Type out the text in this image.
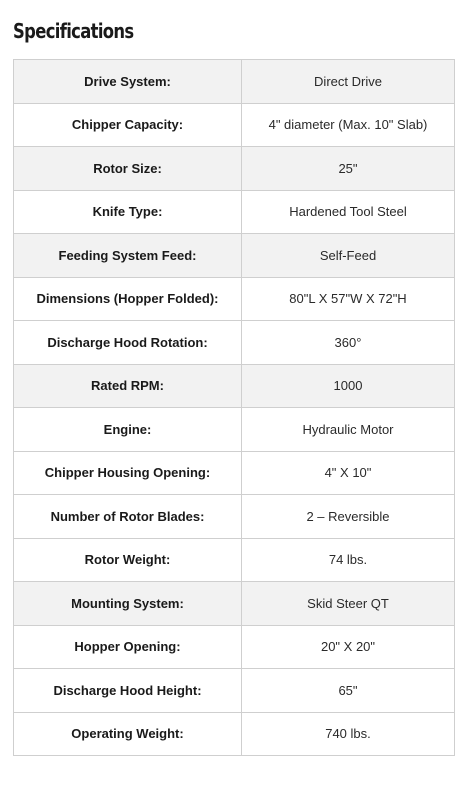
Specifications
Drive System:	Direct Drive
Chipper Capacity:	4" diameter (Max. 10" Slab)
Rotor Size:	25"
Knife Type:	Hardened Tool Steel
Feeding System Feed:	Self-Feed
Dimensions (Hopper Folded):	80"L X 57"W X 72"H
Discharge Hood Rotation:	360°
Rated RPM:	1000
Engine:	Hydraulic Motor
Chipper Housing Opening:	4" X 10"
Number of Rotor Blades:	2 – Reversible
Rotor Weight:	74 lbs.
Mounting System:	Skid Steer QT
Hopper Opening:	20" X 20"
Discharge Hood Height:	65"
Operating Weight:	740 lbs.
